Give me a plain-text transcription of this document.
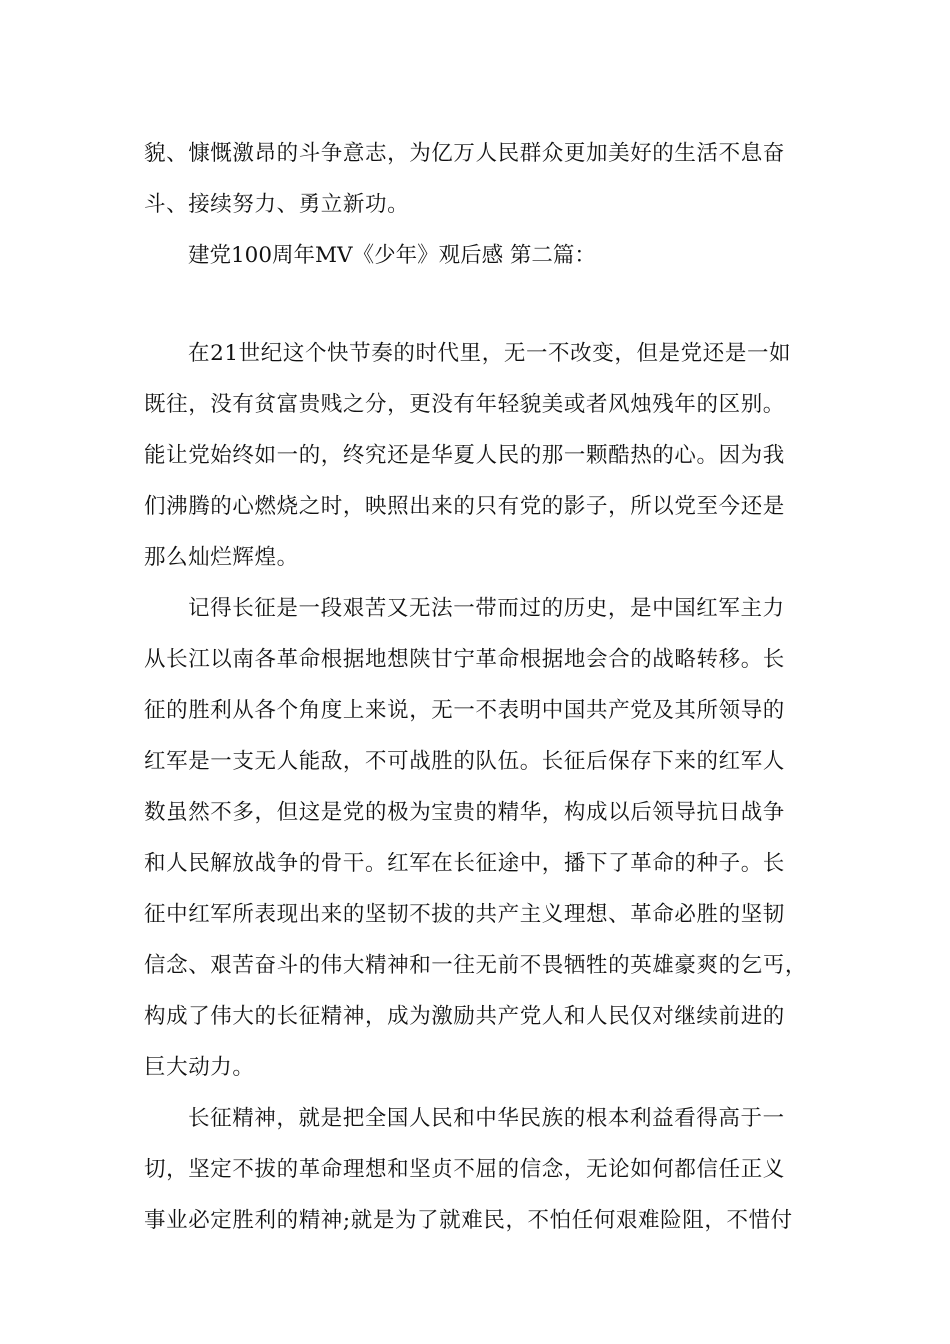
貌、慷慨激昂的斗争意志，为亿万人民群众更加美好的生活不息奋
斗、接续努力、勇立新功。
建党100周年MV《少年》观后感 第二篇：
在21世纪这个快节奏的时代里，无一不改变，但是党还是一如
既往，没有贫富贵贱之分，更没有年轻貌美或者风烛残年的区别。
能让党始终如一的，终究还是华夏人民的那一颗酷热的心。因为我
们沸腾的心燃烧之时，映照出来的只有党的影子，所以党至今还是
那么灿烂辉煌。
记得长征是一段艰苦又无法一带而过的历史，是中国红军主力
从长江以南各革命根据地想陕甘宁革命根据地会合的战略转移。长
征的胜利从各个角度上来说，无一不表明中国共产党及其所领导的
红军是一支无人能敌，不可战胜的队伍。长征后保存下来的红军人
数虽然不多，但这是党的极为宝贵的精华，构成以后领导抗日战争
和人民解放战争的骨干。红军在长征途中，播下了革命的种子。长
征中红军所表现出来的坚韧不拔的共产主义理想、革命必胜的坚韧
信念、艰苦奋斗的伟大精神和一往无前不畏牺牲的英雄豪爽的乞丐，
构成了伟大的长征精神，成为激励共产党人和人民仅对继续前进的
巨大动力。
长征精神，就是把全国人民和中华民族的根本利益看得高于一
切，坚定不拔的革命理想和坚贞不屈的信念，无论如何都信任正义
事业必定胜利的精神;就是为了就难民，不怕任何艰难险阻，不惜付
